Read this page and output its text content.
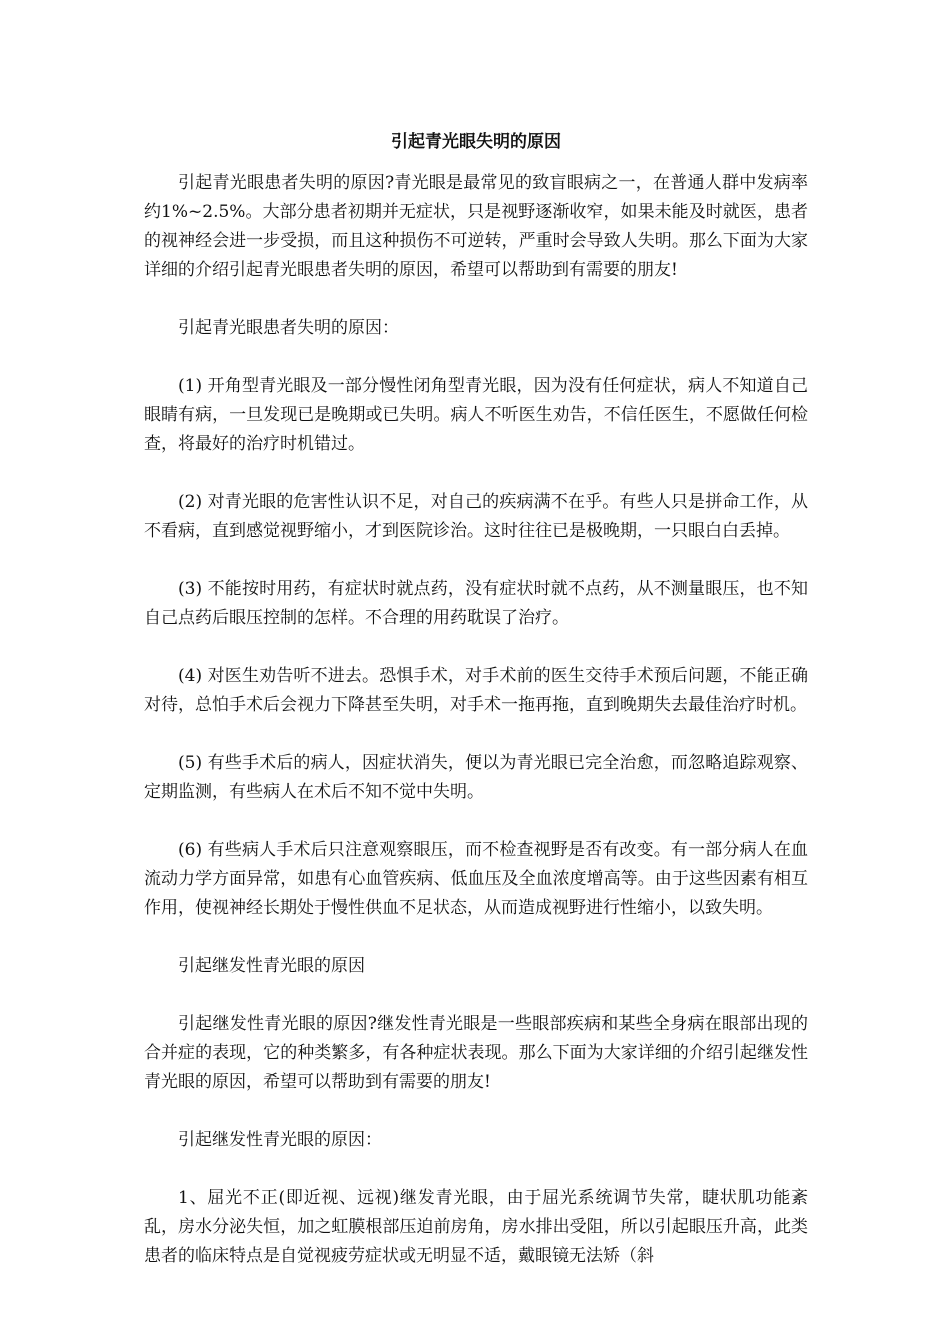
引起青光眼失明的原因

引起青光眼患者失明的原因?青光眼是最常见的致盲眼病之一，在普通人群中发病率约1%~2.5%。大部分患者初期并无症状，只是视野逐渐收窄，如果未能及时就医，患者的视神经会进一步受损，而且这种损伤不可逆转，严重时会导致人失明。那么下面为大家详细的介绍引起青光眼患者失明的原因，希望可以帮助到有需要的朋友!

引起青光眼患者失明的原因：

(1) 开角型青光眼及一部分慢性闭角型青光眼，因为没有任何症状，病人不知道自己眼睛有病，一旦发现已是晚期或已失明。病人不听医生劝告，不信任医生，不愿做任何检查，将最好的治疗时机错过。

(2) 对青光眼的危害性认识不足，对自己的疾病满不在乎。有些人只是拼命工作，从不看病，直到感觉视野缩小，才到医院诊治。这时往往已是极晚期，一只眼白白丢掉。

(3) 不能按时用药，有症状时就点药，没有症状时就不点药，从不测量眼压，也不知自己点药后眼压控制的怎样。不合理的用药耽误了治疗。

(4) 对医生劝告听不进去。恐惧手术，对手术前的医生交待手术预后问题，不能正确对待，总怕手术后会视力下降甚至失明，对手术一拖再拖，直到晚期失去最佳治疗时机。

(5) 有些手术后的病人，因症状消失，便以为青光眼已完全治愈，而忽略追踪观察、定期监测，有些病人在术后不知不觉中失明。

(6) 有些病人手术后只注意观察眼压，而不检查视野是否有改变。有一部分病人在血流动力学方面异常，如患有心血管疾病、低血压及全血浓度增高等。由于这些因素有相互作用，使视神经长期处于慢性供血不足状态，从而造成视野进行性缩小，以致失明。

引起继发性青光眼的原因

引起继发性青光眼的原因?继发性青光眼是一些眼部疾病和某些全身病在眼部出现的合并症的表现，它的种类繁多，有各种症状表现。那么下面为大家详细的介绍引起继发性青光眼的原因，希望可以帮助到有需要的朋友!

引起继发性青光眼的原因：

1、屈光不正(即近视、远视)继发青光眼，由于屈光系统调节失常，睫状肌功能紊乱，房水分泌失恒，加之虹膜根部压迫前房角，房水排出受阻，所以引起眼压升高，此类患者的临床特点是自觉视疲劳症状或无明显不适，戴眼镜无法矫（斜
